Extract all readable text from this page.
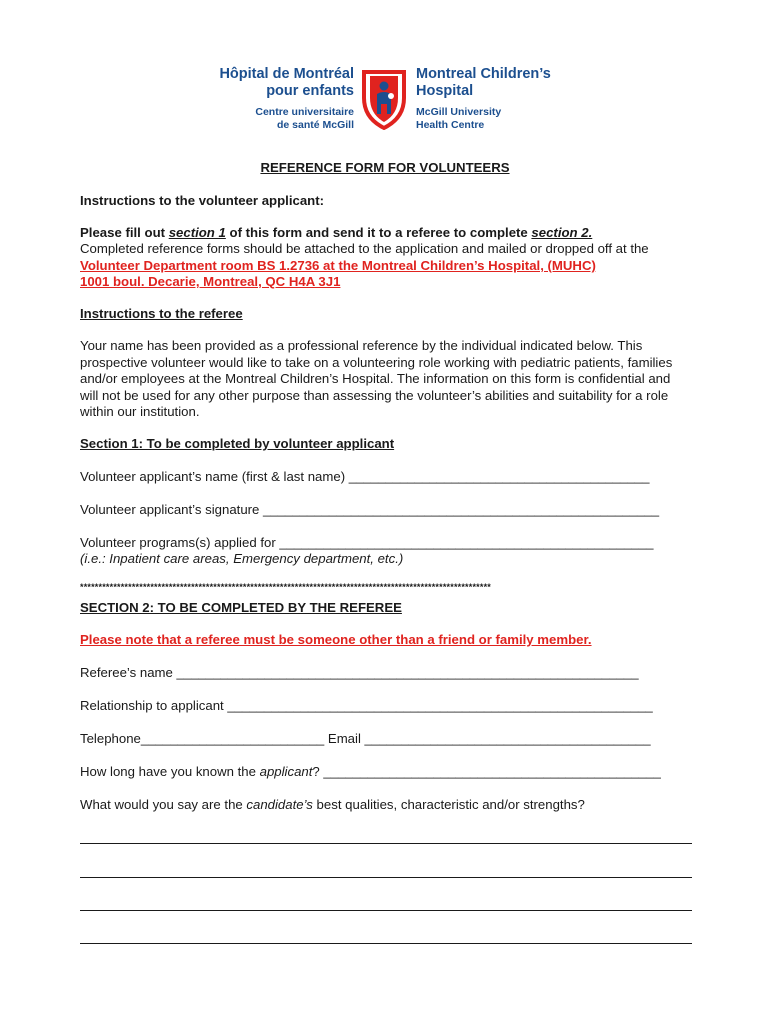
Hôpital de Montréal
pour enfants
Centre universitaire
de santé McGill
Montreal Children’s
Hospital
McGill University
Health Centre
REFERENCE FORM FOR VOLUNTEERS
Instructions to the volunteer applicant:
Please fill out section 1 of this form and send it to a referee to complete section 2.
Completed reference forms should be attached to the application and mailed or dropped off at the
Volunteer Department room BS 1.2736 at the Montreal Children’s Hospital, (MUHC)
1001 boul. Decarie, Montreal, QC H4A 3J1
Instructions to the referee
Your name has been provided as a professional reference by the individual indicated below. This prospective volunteer would like to take on a volunteering role working with pediatric patients, families and/or employees at the Montreal Children’s Hospital. The information on this form is confidential and will not be used for any other purpose than assessing the volunteer’s abilities and suitability for a role within our institution.
Section 1: To be completed by volunteer applicant
Volunteer applicant’s name (first & last name) _________________________________________
Volunteer applicant’s signature ______________________________________________________
Volunteer programs(s) applied for ___________________________________________________
(i.e.: Inpatient care areas, Emergency department, etc.)
***************************************************************************************************************
SECTION 2: TO BE COMPLETED BY THE REFEREE
Please note that a referee must be someone other than a friend or family member.
Referee’s name _______________________________________________________________
Relationship to applicant __________________________________________________________
Telephone_________________________ Email _______________________________________
How long have you known the applicant? ______________________________________________
What would you say are the candidate’s best qualities, characteristic and/or strengths?
